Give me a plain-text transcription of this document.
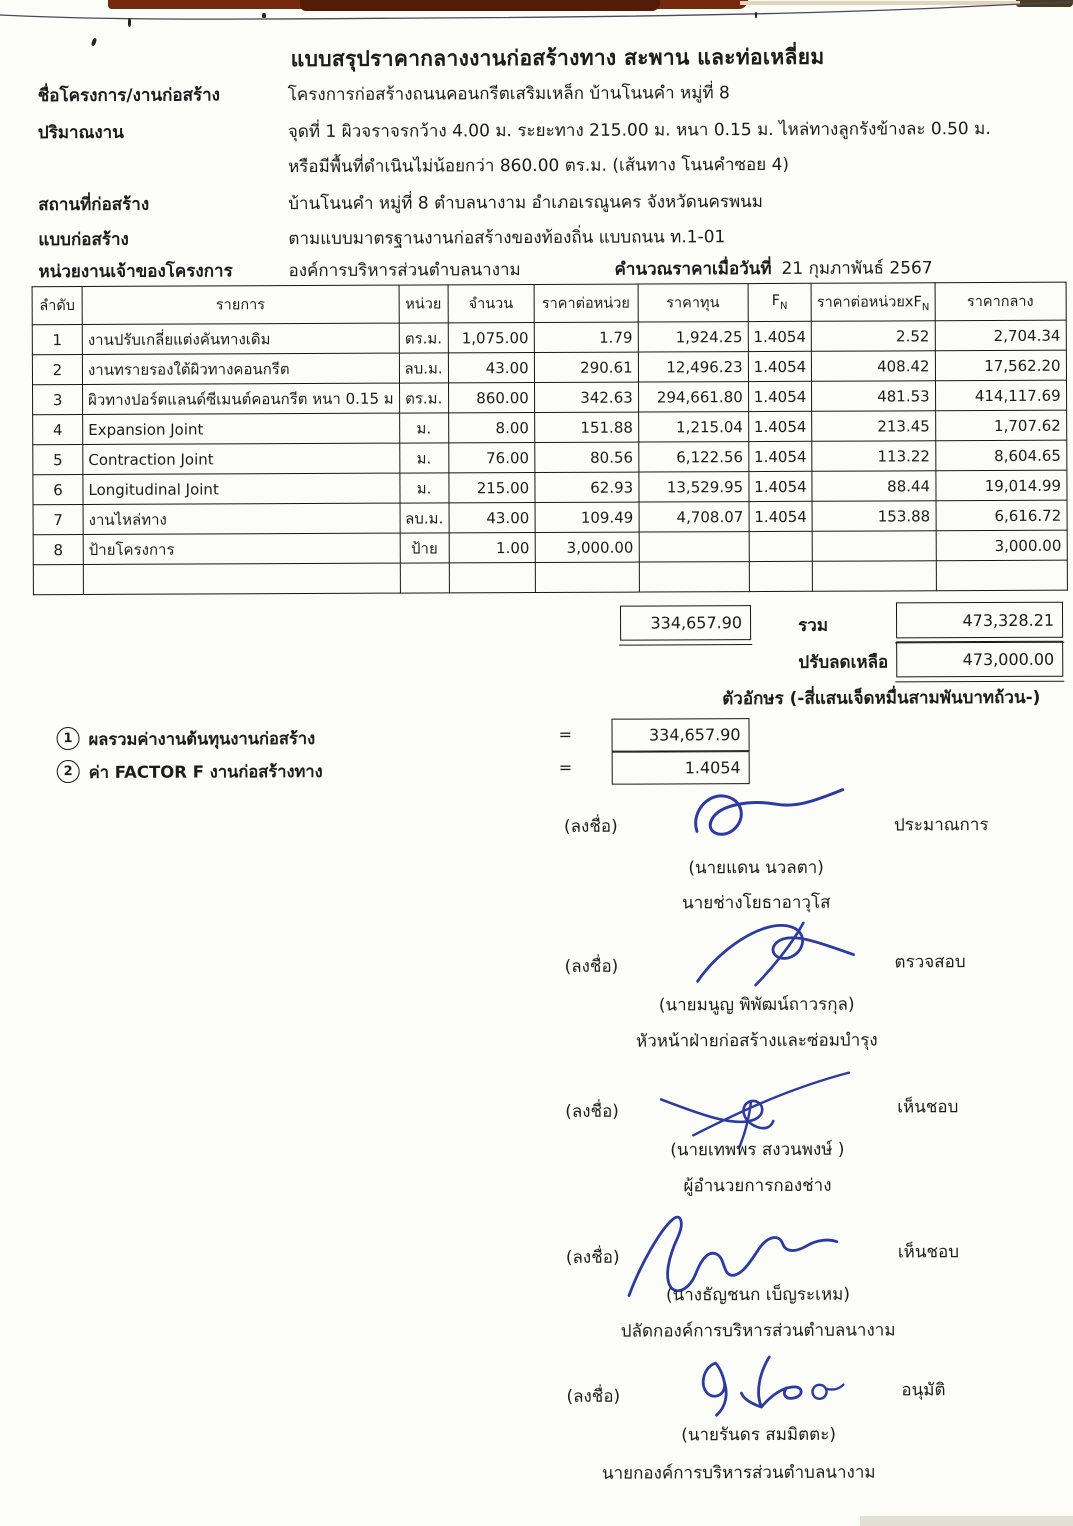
แบบสรุปราคากลางงานก่อสร้างทาง สะพาน และท่อเหลี่ยม
ชื่อโครงการ/งานก่อสร้าง	โครงการก่อสร้างถนนคอนกรีตเสริมเหล็ก บ้านโนนคำ หมู่ที่ 8
ปริมาณงาน	จุดที่ 1 ผิวจราจรกว้าง 4.00 ม. ระยะทาง 215.00 ม. หนา 0.15 ม. ไหล่ทางลูกรังข้างละ 0.50 ม.
หรือมีพื้นที่ดำเนินไม่น้อยกว่า 860.00 ตร.ม. (เส้นทาง โนนคำซอย 4)
สถานที่ก่อสร้าง	บ้านโนนคำ หมู่ที่ 8 ตำบลนางาม อำเภอเรณูนคร จังหวัดนครพนม
แบบก่อสร้าง	ตามแบบมาตรฐานงานก่อสร้างของท้องถิ่น แบบถนน ท.1-01
หน่วยงานเจ้าของโครงการ	องค์การบริหารส่วนตำบลนางาม	คำนวณราคาเมื่อวันที่ 21 กุมภาพันธ์ 2567
ลำดับ	รายการ	หน่วย	จำนวน	ราคาต่อหน่วย	ราคาทุน	$F_N$	ราคาต่อหน่วย$xF_N$	ราคากลาง
1	งานปรับเกลี่ยแต่งคันทางเดิม	ตร.ม.	1,075.00	1.79	1,924.25	1.4054	2.52	2,704.34
2	งานทรายรองใต้ผิวทางคอนกรีต	ลบ.ม.	43.00	290.61	12,496.23	1.4054	408.42	17,562.20
3	ผิวทางปอร์ตแลนด์ซีเมนต์คอนกรีต หนา 0.15 ม	ตร.ม.	860.00	342.63	294,661.80	1.4054	481.53	414,117.69
4	Expansion Joint	ม.	8.00	151.88	1,215.04	1.4054	213.45	1,707.62
5	Contraction Joint	ม.	76.00	80.56	6,122.56	1.4054	113.22	8,604.65
6	Longitudinal Joint	ม.	215.00	62.93	13,529.95	1.4054	88.44	19,014.99
7	งานไหล่ทาง	ลบ.ม.	43.00	109.49	4,708.07	1.4054	153.88	6,616.72
8	ป้ายโครงการ	ป้าย	1.00	3,000.00				3,000.00

334,657.90	รวม	473,328.21
ปรับลดเหลือ	473,000.00
ตัวอักษร (-สี่แสนเจ็ดหมื่นสามพันบาทถ้วน-)
1 ผลรวมค่างานต้นทุนงานก่อสร้าง	=	334,657.90
2 ค่า FACTOR F งานก่อสร้างทาง	=	1.4054
(ลงชื่อ)	ประมาณการ
(นายแดน นวลตา)
นายช่างโยธาอาวุโส
(ลงชื่อ)	ตรวจสอบ
(นายมนูญ พิพัฒน์ถาวรกุล)
หัวหน้าฝ่ายก่อสร้างและซ่อมบำรุง
(ลงชื่อ)	เห็นชอบ
(นายเทพพร สงวนพงษ์ )
ผู้อำนวยการกองช่าง
(ลงชื่อ)	เห็นชอบ
(นางธัญชนก เบ็ญระเหม)
ปลัดกองค์การบริหารส่วนตำบลนางาม
(ลงชื่อ)	อนุมัติ
(นายรันดร สมมิตตะ)
นายกองค์การบริหารส่วนตำบลนางาม
